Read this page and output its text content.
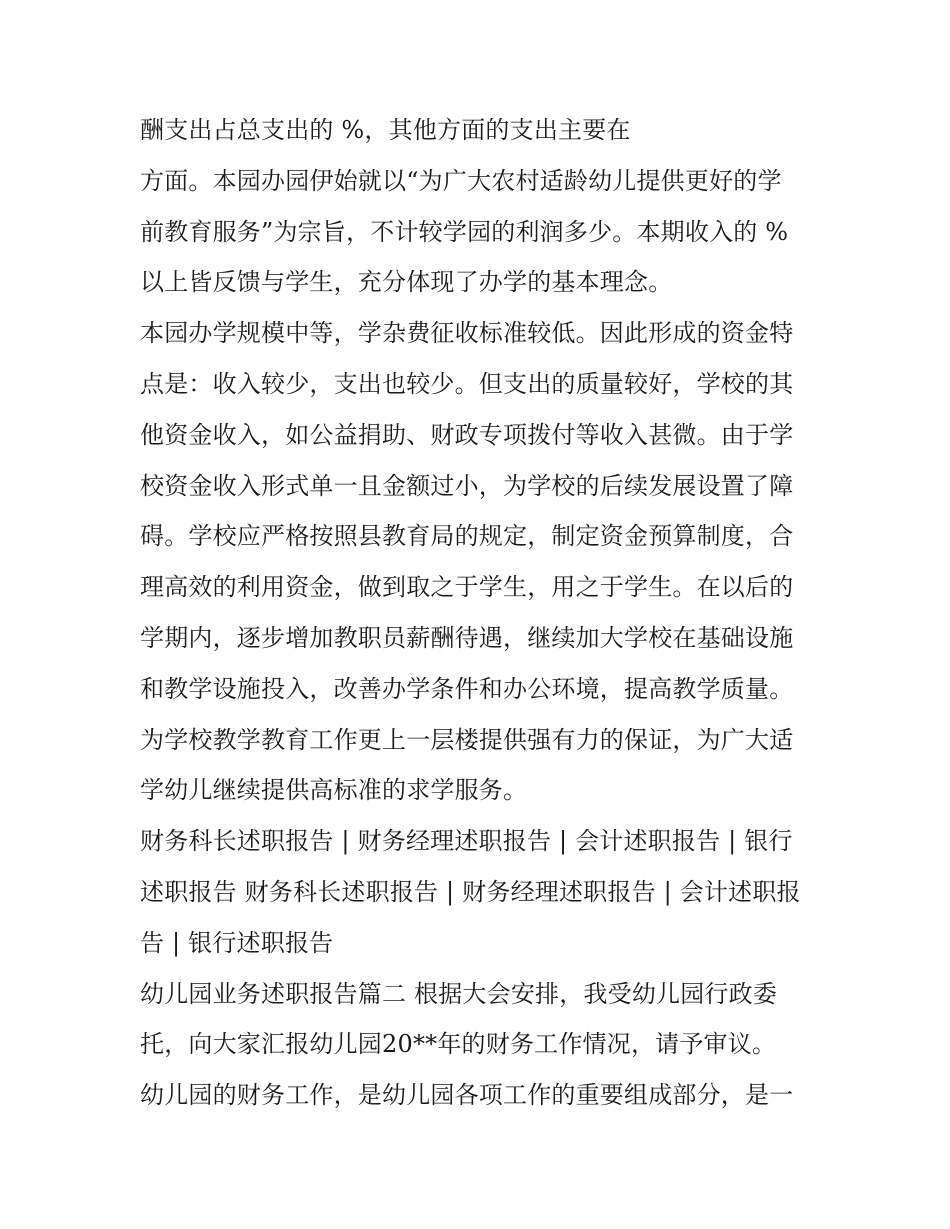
酬支出占总支出的 %，其他方面的支出主要在
方面。本园办园伊始就以“为广大农村适龄幼儿提供更好的学
前教育服务”为宗旨，不计较学园的利润多少。本期收入的 %
以上皆反馈与学生，充分体现了办学的基本理念。
本园办学规模中等，学杂费征收标准较低。因此形成的资金特
点是：收入较少，支出也较少。但支出的质量较好，学校的其
他资金收入，如公益捐助、财政专项拨付等收入甚微。由于学
校资金收入形式单一且金额过小，为学校的后续发展设置了障
碍。学校应严格按照县教育局的规定，制定资金预算制度，合
理高效的利用资金，做到取之于学生，用之于学生。在以后的
学期内，逐步增加教职员薪酬待遇，继续加大学校在基础设施
和教学设施投入，改善办学条件和办公环境，提高教学质量。
为学校教学教育工作更上一层楼提供强有力的保证，为广大适
学幼儿继续提供高标准的求学服务。
财务科长述职报告 | 财务经理述职报告 | 会计述职报告 | 银行
述职报告 财务科长述职报告 | 财务经理述职报告 | 会计述职报
告 | 银行述职报告
幼儿园业务述职报告篇二 根据大会安排，我受幼儿园行政委
托，向大家汇报幼儿园20**年的财务工作情况，请予审议。
幼儿园的财务工作，是幼儿园各项工作的重要组成部分，是一
